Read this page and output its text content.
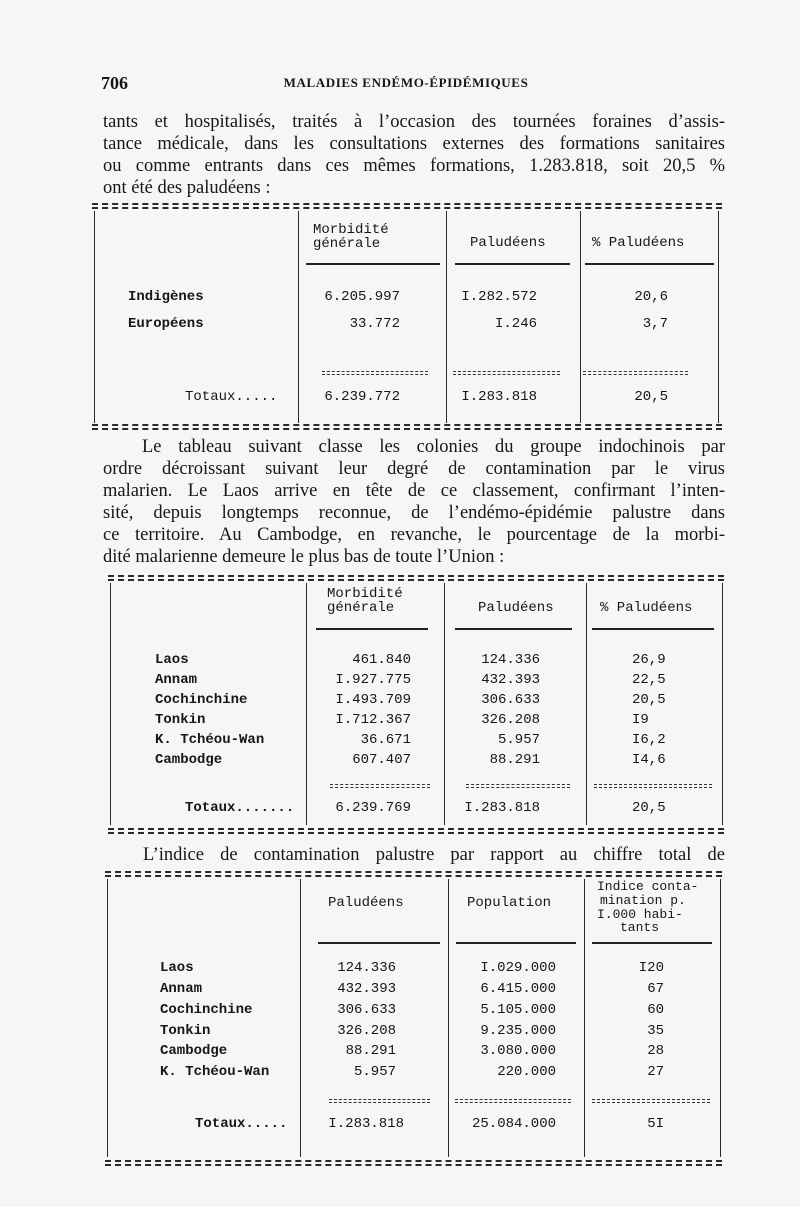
706	MALADIES ENDÉMO-ÉPIDÉMIQUES
tants et hospitalisés, traités à l’occasion des tournées foraines d’assis-
tance médicale, dans les consultations externes des formations sanitaires
ou comme entrants dans ces mêmes formations, 1.283.818, soit 20,5 %
ont été des paludéens :
Morbidité
générale	Paludéens	% Paludéens
Indigènes	6.205.997	I.282.572	20,6
Européens	33.772	I.246	3,7
Totaux.....	6.239.772	I.283.818	20,5
Le tableau suivant classe les colonies du groupe indochinois par
ordre décroissant suivant leur degré de contamination par le virus
malarien. Le Laos arrive en tête de ce classement, confirmant l’inten-
sité, depuis longtemps reconnue, de l’endémo-épidémie palustre dans
ce territoire. Au Cambodge, en revanche, le pourcentage de la morbi-
dité malarienne demeure le plus bas de toute l’Union :
Morbidité
générale	Paludéens	% Paludéens
Laos	461.840	124.336	26,9
Annam	I.927.775	432.393	22,5
Cochinchine	I.493.709	306.633	20,5
Tonkin	I.712.367	326.208	I9
K. Tchéou-Wan	36.671	5.957	I6,2
Cambodge	607.407	88.291	I4,6
Totaux.......	6.239.769	I.283.818	20,5
L’indice de contamination palustre par rapport au chiffre total de
Paludéens	Population
Indice conta-
mination p.
I.000 habi-
tants
Laos	124.336	I.029.000	I20
Annam	432.393	6.415.000	67
Cochinchine	306.633	5.105.000	60
Tonkin	326.208	9.235.000	35
Cambodge	88.291	3.080.000	28
K. Tchéou-Wan	5.957	220.000	27
Totaux.....	I.283.818	25.084.000	5I
